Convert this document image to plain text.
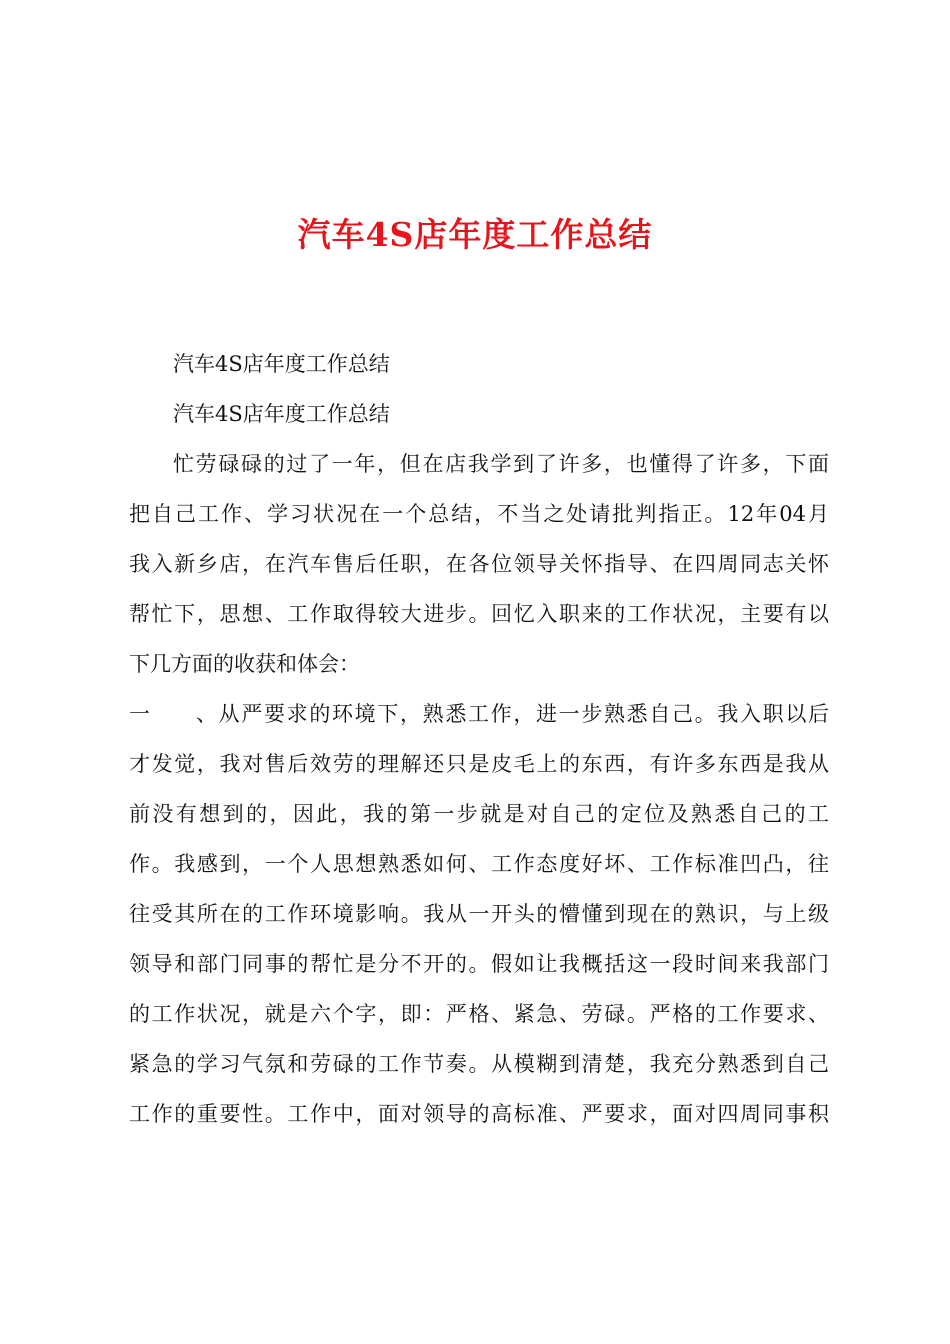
汽车4S店年度工作总结

汽车4S店年度工作总结

汽车4S店年度工作总结

忙劳碌碌的过了一年，但在店我学到了许多，也懂得了许多，下面

把自己工作、学习状况在一个总结，不当之处请批判指正。12年04月

我入新乡店，在汽车售后任职，在各位领导关怀指导、在四周同志关怀

帮忙下，思想、工作取得较大进步。回忆入职来的工作状况，主要有以

下几方面的收获和体会：

一 、从严要求的环境下，熟悉工作，进一步熟悉自己。我入职以后

才发觉，我对售后效劳的理解还只是皮毛上的东西，有许多东西是我从

前没有想到的，因此，我的第一步就是对自己的定位及熟悉自己的工

作。我感到，一个人思想熟悉如何、工作态度好坏、工作标准凹凸，往

往受其所在的工作环境影响。我从一开头的懵懂到现在的熟识，与上级

领导和部门同事的帮忙是分不开的。假如让我概括这一段时间来我部门

的工作状况，就是六个字，即：严格、紧急、劳碌。严格的工作要求、

紧急的学习气氛和劳碌的工作节奏。从模糊到清楚，我充分熟悉到自己

工作的重要性。工作中，面对领导的高标准、严要求，面对四周同事积
